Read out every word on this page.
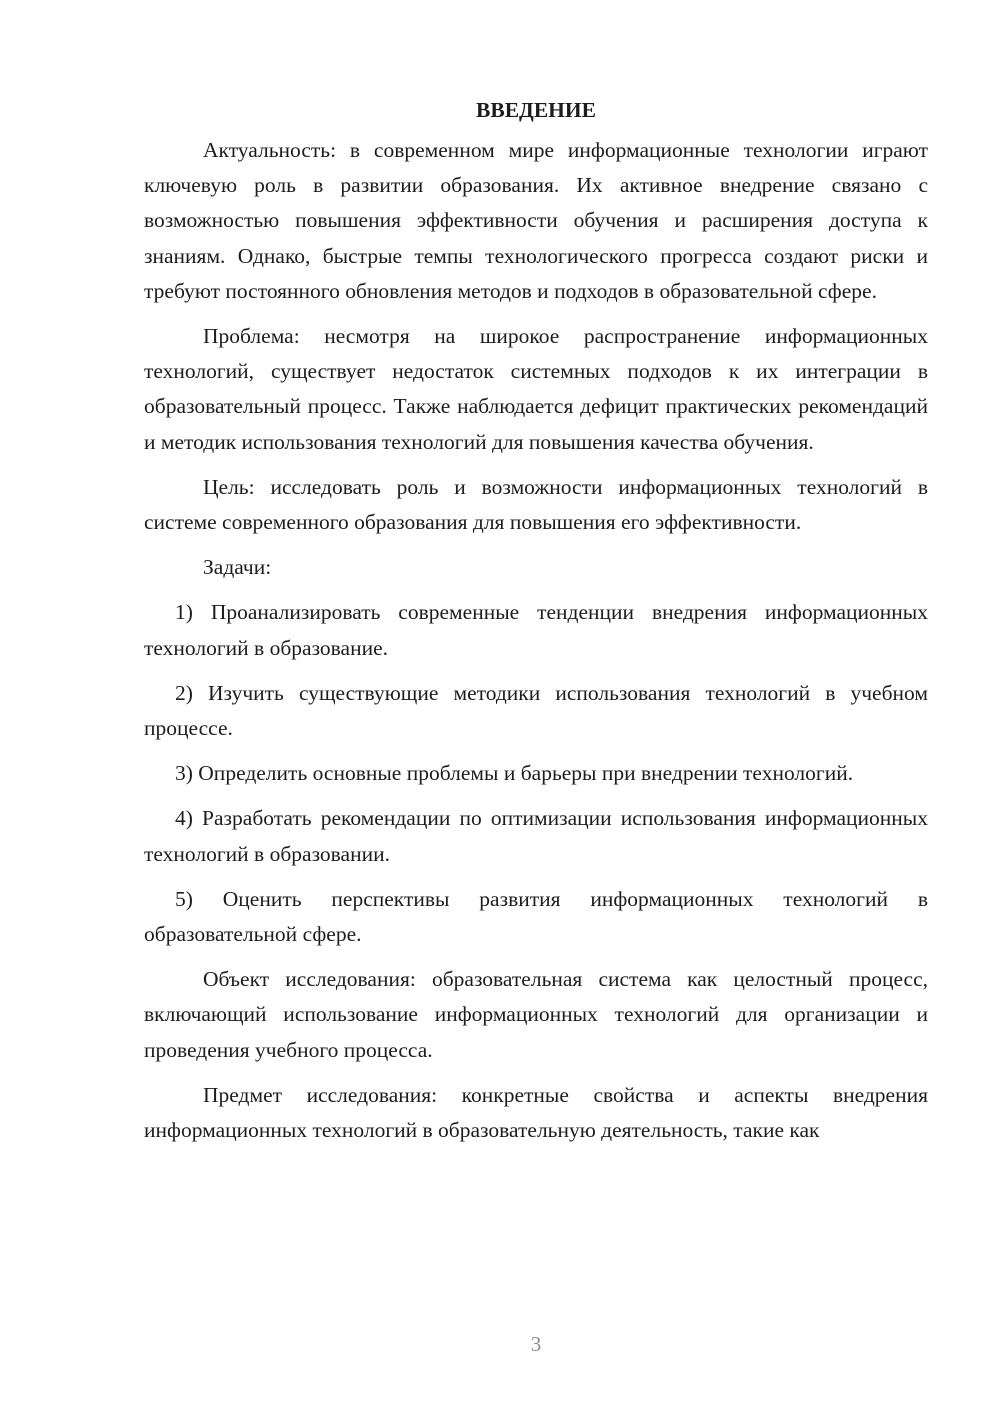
ВВЕДЕНИЕ

Актуальность: в современном мире информационные технологии играют ключевую роль в развитии образования. Их активное внедрение связано с возможностью повышения эффективности обучения и расширения доступа к знаниям. Однако, быстрые темпы технологического прогресса создают риски и требуют постоянного обновления методов и подходов в образовательной сфере.

Проблема: несмотря на широкое распространение информационных технологий, существует недостаток системных подходов к их интеграции в образовательный процесс. Также наблюдается дефицит практических рекомендаций и методик использования технологий для повышения качества обучения.

Цель: исследовать роль и возможности информационных технологий в системе современного образования для повышения его эффективности.

Задачи:

1) Проанализировать современные тенденции внедрения информационных технологий в образование.

2) Изучить существующие методики использования технологий в учебном процессе.

3) Определить основные проблемы и барьеры при внедрении технологий.

4) Разработать рекомендации по оптимизации использования информационных технологий в образовании.

5) Оценить перспективы развития информационных технологий в образовательной сфере.

Объект исследования: образовательная система как целостный процесс, включающий использование информационных технологий для организации и проведения учебного процесса.

Предмет исследования: конкретные свойства и аспекты внедрения информационных технологий в образовательную деятельность, такие как

3
